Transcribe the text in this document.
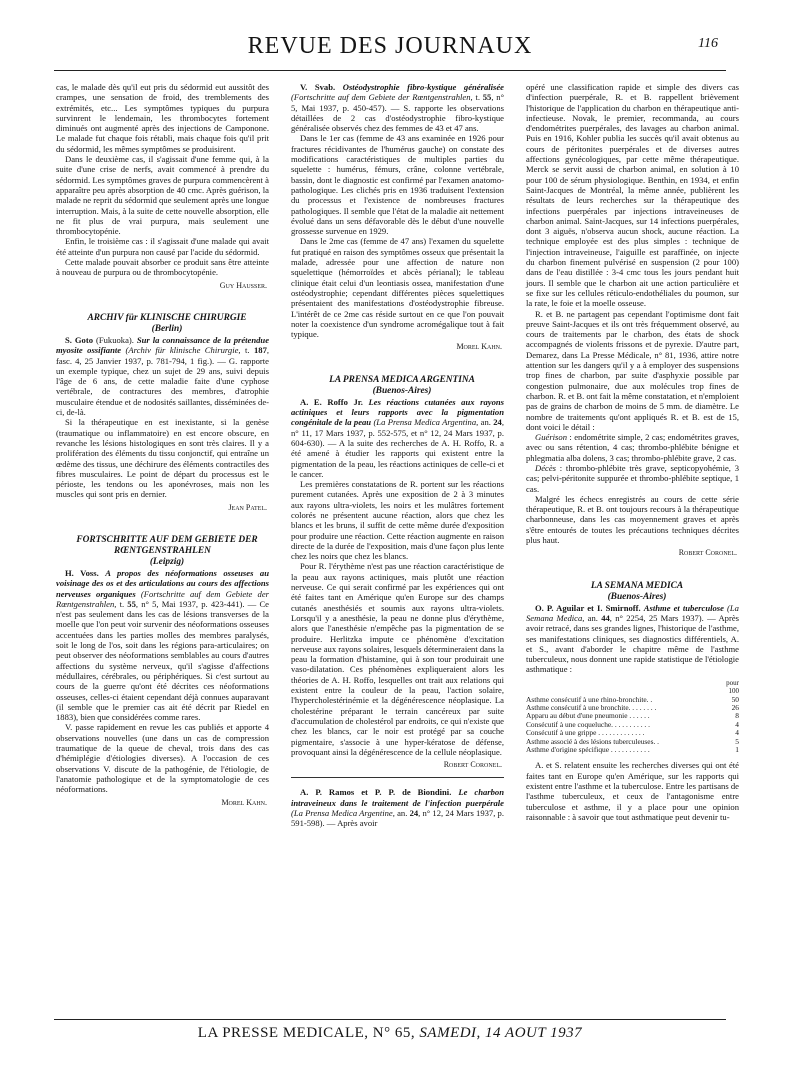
REVUE DES JOURNAUX	116

cas, le malade dès qu'il eut pris du sédormid eut aussitôt des crampes, une sensation de froid, des tremblements des extrémités, etc... Les symptômes typiques du purpura survinrent le lendemain, les thrombocytes fortement diminués ont augmenté après des injections de Camponone. Le malade fut chaque fois rétabli, mais chaque fois qu'il prit du sédormid, les mêmes symptômes se produisirent.

Dans le deuxième cas, il s'agissait d'une femme qui, à la suite d'une crise de nerfs, avait commencé à prendre du sédormid. Les symptômes graves de purpura commencèrent à apparaître peu après absorption de 40 cmc. Après guérison, la malade ne reprit du sédormid que seulement après une longue interruption. Mais, à la suite de cette nouvelle absorption, elle ne fit plus de vrai purpura, mais seulement une thrombocytopénie.

Enfin, le troisième cas : il s'agissait d'une malade qui avait été atteinte d'un purpura non causé par l'acide du sédormid.

Cette malade pouvait absorber ce produit sans être atteinte à nouveau de purpura ou de thrombocytopénie.

Guy Hausser.

ARCHIV für KLINISCHE CHIRURGIE

(Berlin)

S. Goto (Fukuoka). Sur la connaissance de la prétendue myosite ossifiante (Archiv für klinische Chirurgie, t. 187, fasc. 4, 25 Janvier 1937, p. 781-794, 1 fig.). — G. rapporte un exemple typique, chez un sujet de 29 ans, suivi depuis l'âge de 6 ans, de cette maladie faite d'une cyphose vertébrale, de contractures des membres, d'atrophie musculaire étendue et de nodosités saillantes, disséminées de-ci, de-là.

Si la thérapeutique en est inexistante, si la genèse (traumatique ou inflammatoire) en est encore obscure, en revanche les lésions histologiques en sont très claires. Il y a prolifération des éléments du tissu conjonctif, qui entraîne un œdème des tissus, une déchirure des éléments contractiles des fibres musculaires. Le point de départ du processus est le périoste, les tendons ou les aponévroses, mais non les muscles qui sont pris en dernier.

Jean Patel.

FORTSCHRITTE AUF DEM GEBIETE DER RŒNTGENSTRAHLEN

(Leipzig)

H. Voss. A propos des néoformations osseuses au voisinage des os et des articulations au cours des affections nerveuses organiques (Fortschritte auf dem Gebiete der Rœntgenstrahlen, t. 55, n° 5, Mai 1937, p. 423-441). — Ce n'est pas seulement dans les cas de lésions transverses de la moelle que l'on peut voir survenir des néoformations osseuses accentuées dans les parties molles des membres paralysés, soit le long de l'os, soit dans les régions para-articulaires; on peut observer des néoformations semblables au cours d'autres affections du système nerveux, qu'il s'agisse d'affections médullaires, cérébrales, ou périphériques. Si c'est surtout au cours de la guerre qu'ont été décrites ces néoformations osseuses, celles-ci étaient cependant déjà connues auparavant (il semble que le premier cas ait été décrit par Riedel en 1883), bien que considérées comme rares.

V. passe rapidement en revue les cas publiés et apporte 4 observations nouvelles (une dans un cas de compression traumatique de la queue de cheval, trois dans des cas d'hémiplégie d'étiologies diverses). A l'occasion de ces observations V. discute de la pathogénie, de l'étiologie, de l'anatomie pathologique et de la symptomatologie de ces néoformations.

Morel Kahn.

V. Svab. Ostéodystrophie fibro-kystique généralisée (Fortschritte auf dem Gebiete der Rœntgenstrahlen, t. 55, n° 5, Mai 1937, p. 450-457). — S. rapporte les observations détaillées de 2 cas d'ostéodystrophie fibro-kystique généralisée observés chez des femmes de 43 et 47 ans.

Dans le 1er cas (femme de 43 ans examinée en 1926 pour fractures récidivantes de l'humérus gauche) on constate des modifications caractéristiques de multiples parties du squelette : humérus, fémurs, crâne, colonne vertébrale, bassin, dont le diagnostic est confirmé par l'examen anatomo-pathologique. Les clichés pris en 1936 traduisent l'extension du processus et l'existence de nombreuses fractures pathologiques. Il semble que l'état de la maladie ait nettement évolué dans un sens défavorable dès le début d'une nouvelle grossesse survenue en 1929.

Dans le 2me cas (femme de 47 ans) l'examen du squelette fut pratiqué en raison des symptômes osseux que présentait la malade, adressée pour une affection de nature non squelettique (hémorroïdes et abcès périanal); le tableau clinique était celui d'un leontiasis ossea, manifestation d'une ostéodystrophie; cependant différentes pièces squelettiques présentaient des manifestations d'ostéodystrophie fibreuse. L'intérêt de ce 2me cas réside surtout en ce que l'on pouvait noter la coexistence d'un syndrome acromégalique tout à fait typique.

Morel Kahn.

LA PRENSA MEDICA ARGENTINA

(Buenos-Aires)

A. E. Roffo Jr. Les réactions cutanées aux rayons actiniques et leurs rapports avec la pigmentation congénitale de la peau (La Prensa Medica Argentina, an. 24, n° 11, 17 Mars 1937, p. 552-575, et n° 12, 24 Mars 1937, p. 604-630). — A la suite des recherches de A. H. Roffo, R. a été amené à étudier les rapports qui existent entre la pigmentation de la peau, les réactions actiniques de celle-ci et le cancer.

Les premières constatations de R. portent sur les réactions purement cutanées. Après une exposition de 2 à 3 minutes aux rayons ultra-violets, les noirs et les mulâtres fortement colorés ne présentent aucune réaction, alors que chez les blancs et les bruns, il suffit de cette même durée d'exposition pour produire une réaction. Cette réaction augmente en raison directe de la durée de l'exposition, mais d'une façon plus lente chez les noirs que chez les blancs.

Pour R. l'érythème n'est pas une réaction caractéristique de la peau aux rayons actiniques, mais plutôt une réaction nerveuse. Ce qui serait confirmé par les expériences qui ont été faites tant en Amérique qu'en Europe sur des champs cutanés anesthésiés et soumis aux rayons ultra-violets. Lorsqu'il y a anesthésie, la peau ne donne plus d'érythème, alors que l'anesthésie n'empêche pas la pigmentation de se produire. Herlitzka impute ce phénomène d'excitation nerveuse aux rayons solaires, lesquels détermineraient dans la peau la formation d'histamine, qui à son tour produirait une vaso-dilatation. Ces phénomènes expliqueraient alors les théories de A. H. Roffo, lesquelles ont trait aux relations qui existent entre la couleur de la peau, l'action solaire, l'hypercholestérinémie et la dégénérescence néoplasique. La cholestérine préparant le terrain cancéreux par suite d'accumulation de cholestérol par endroits, ce qui n'existe que chez les blancs, car le noir est protégé par sa couche pigmentaire, s'associe à une hyper-kératose de défense, provoquant ainsi la dégénérescence de la cellule néoplasique.

Robert Coronel.

A. P. Ramos et P. P. de Biondini. Le charbon intraveineux dans le traitement de l'infection puerpérale (La Prensa Medica Argentine, an. 24, n° 12, 24 Mars 1937, p. 591-598). — Après avoir

opéré une classification rapide et simple des divers cas d'infection puerpérale, R. et B. rappellent brièvement l'historique de l'application du charbon en thérapeutique anti-infectieuse. Novak, le premier, recommanda, au cours d'endométrites puerpérales, des lavages au charbon animal. Puis en 1916, Kohler publia les succès qu'il avait obtenus au cours de péritonites puerpérales et de diverses autres affections gynécologiques, par cette même thérapeutique. Merck se servit aussi de charbon animal, en solution à 10 pour 100 de sérum physiologique. Benthin, en 1934, et enfin Saint-Jacques de Montréal, la même année, publièrent les résultats de leurs recherches sur la thérapeutique des infections puerpérales par injections intraveineuses de charbon animal. Saint-Jacques, sur 14 infections puerpérales, dont 3 aiguës, n'observa aucun shock, aucune réaction. La technique employée est des plus simples : technique de l'injection intraveineuse, l'aiguille est paraffinée, on injecte du charbon finement pulvérisé en suspension (2 pour 100) dans de l'eau distillée : 3-4 cmc tous les jours pendant huit jours. Il semble que le charbon ait une action particulière et se fixe sur les cellules réticulo-endothéliales du poumon, sur la rate, le foie et la moelle osseuse.

R. et B. ne partagent pas cependant l'optimisme dont fait preuve Saint-Jacques et ils ont très fréquemment observé, au cours de traitements par le charbon, des états de shock accompagnés de violents frissons et de pyrexie. D'autre part, Demarez, dans La Presse Médicale, n° 81, 1936, attire notre attention sur les dangers qu'il y a à employer des suspensions trop fines de charbon, par suite d'asphyxie possible par congestion pulmonaire, due aux molécules trop fines de charbon. R. et B. ont fait la même constatation, et n'emploient pas de grains de charbon de moins de 5 mm. de diamètre. Le nombre de traitements qu'ont appliqués R. et B. est de 15, dont voici le détail :

Guérison : endométrite simple, 2 cas; endométrites graves, avec ou sans rétention, 4 cas; thrombo-phlébite bénigne et phlegmatia alba dolens, 3 cas; thrombo-phlébite grave, 2 cas.

Décès : thrombo-phlébite très grave, septicopyohémie, 3 cas; pelvi-péritonite suppurée et thrombo-phlébite septique, 1 cas.

Malgré les échecs enregistrés au cours de cette série thérapeutique, R. et B. ont toujours recours à la thérapeutique charbonneuse, dans les cas moyennement graves et après s'être entourés de toutes les précautions techniques décrites plus haut.

Robert Coronel.

LA SEMANA MEDICA

(Buenos-Aires)

O. P. Aguilar et I. Smirnoff. Asthme et tuberculose (La Semana Medica, an. 44, n° 2254, 25 Mars 1937). — Après avoir retracé, dans ses grandes lignes, l'historique de l'asthme, ses manifestations cliniques, ses diagnostics différentiels, A. et S., avant d'aborder le chapitre même de l'asthme tuberculeux, nous donnent une rapide statistique de l'étiologie asthmatique :

	pour 100
Asthme consécutif à une rhino-bronchite. .	50
Asthme consécutif à une bronchite. . . . . . . .	26
Apparu au début d'une pneumonie . . . . . .	8
Consécutif à une coqueluche. . . . . . . . . . .	4
Consécutif à une grippe . . . . . . . . . . . . .	4
Asthme associé à des lésions tuberculeuses. .	5
Asthme d'origine spécifique . . . . . . . . . . .	1

A. et S. relatent ensuite les recherches diverses qui ont été faites tant en Europe qu'en Amérique, sur les rapports qui existent entre l'asthme et la tuberculose. Entre les partisans de l'asthme tuberculeux, et ceux de l'antagonisme entre tuberculose et asthme, il y a place pour une opinion raisonnable : à savoir que tout asthmatique peut devenir tu-

LA PRESSE MEDICALE, N° 65, SAMEDI, 14 AOUT 1937
